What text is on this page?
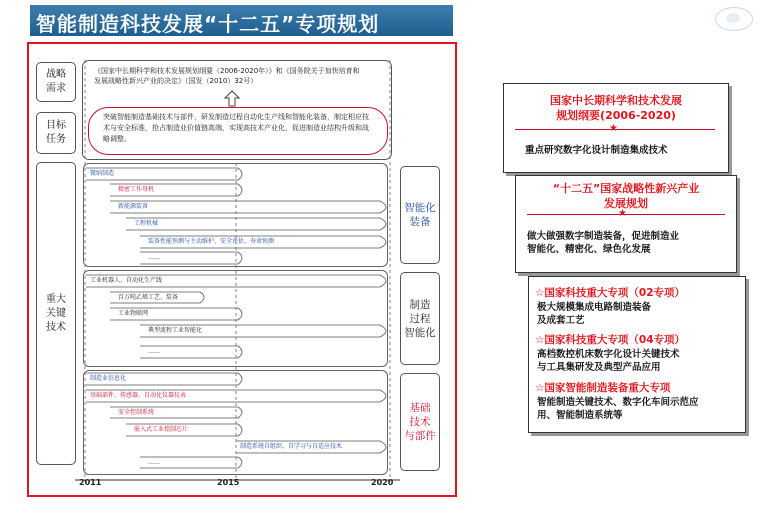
智能制造科技发展“十二五”专项规划
战略
需求
目标
任务
重大
关键
技术
《国家中长期科学和技术发展规划纲要（2006-2020年）》和《国务院关于加快培育和发展战略性新兴产业的决定》（国发（2010）32号）
突破智能制造基础技术与部件，研发制造过程自动化生产线和智能化装备，制定相应技术与安全标准，抢占制造业价值链高端，实现高技术产业化，促进制造业结构升级和战略调整。
智能化
装备
制造
过程
智能化
基础
技术
与部件
微纳制造
精密工作母机
新能源装备
工程机械
装备性能预测与主动维护、安全评估、寿命预测
……
工业机器人、自动化生产线
百万吨乙烯工艺、装备
工业物联网
典型流程工业智能化
……
制造业信息化
基础部件、传感器、自动化仪器仪表
安全控制系统
嵌入式工业控制芯片
制造系统自组织、自学习与自适应技术
……
2011	2015	2020
国家中长期科学和技术发展
规划纲要(2006-2020)
★
重点研究数字化设计制造集成技术
“十二五”国家战略性新兴产业
发展规划
★
做大做强数字制造装备，促进制造业
智能化、精密化、绿色化发展
☆国家科技重大专项（02专项）
极大规模集成电路制造装备
及成套工艺
☆国家科技重大专项（04专项）
高档数控机床数字化设计关键技术
与工具集研发及典型产品应用
☆国家智能制造装备重大专项
智能制造关键技术、数字化车间示范应
用、智能制造系统等
